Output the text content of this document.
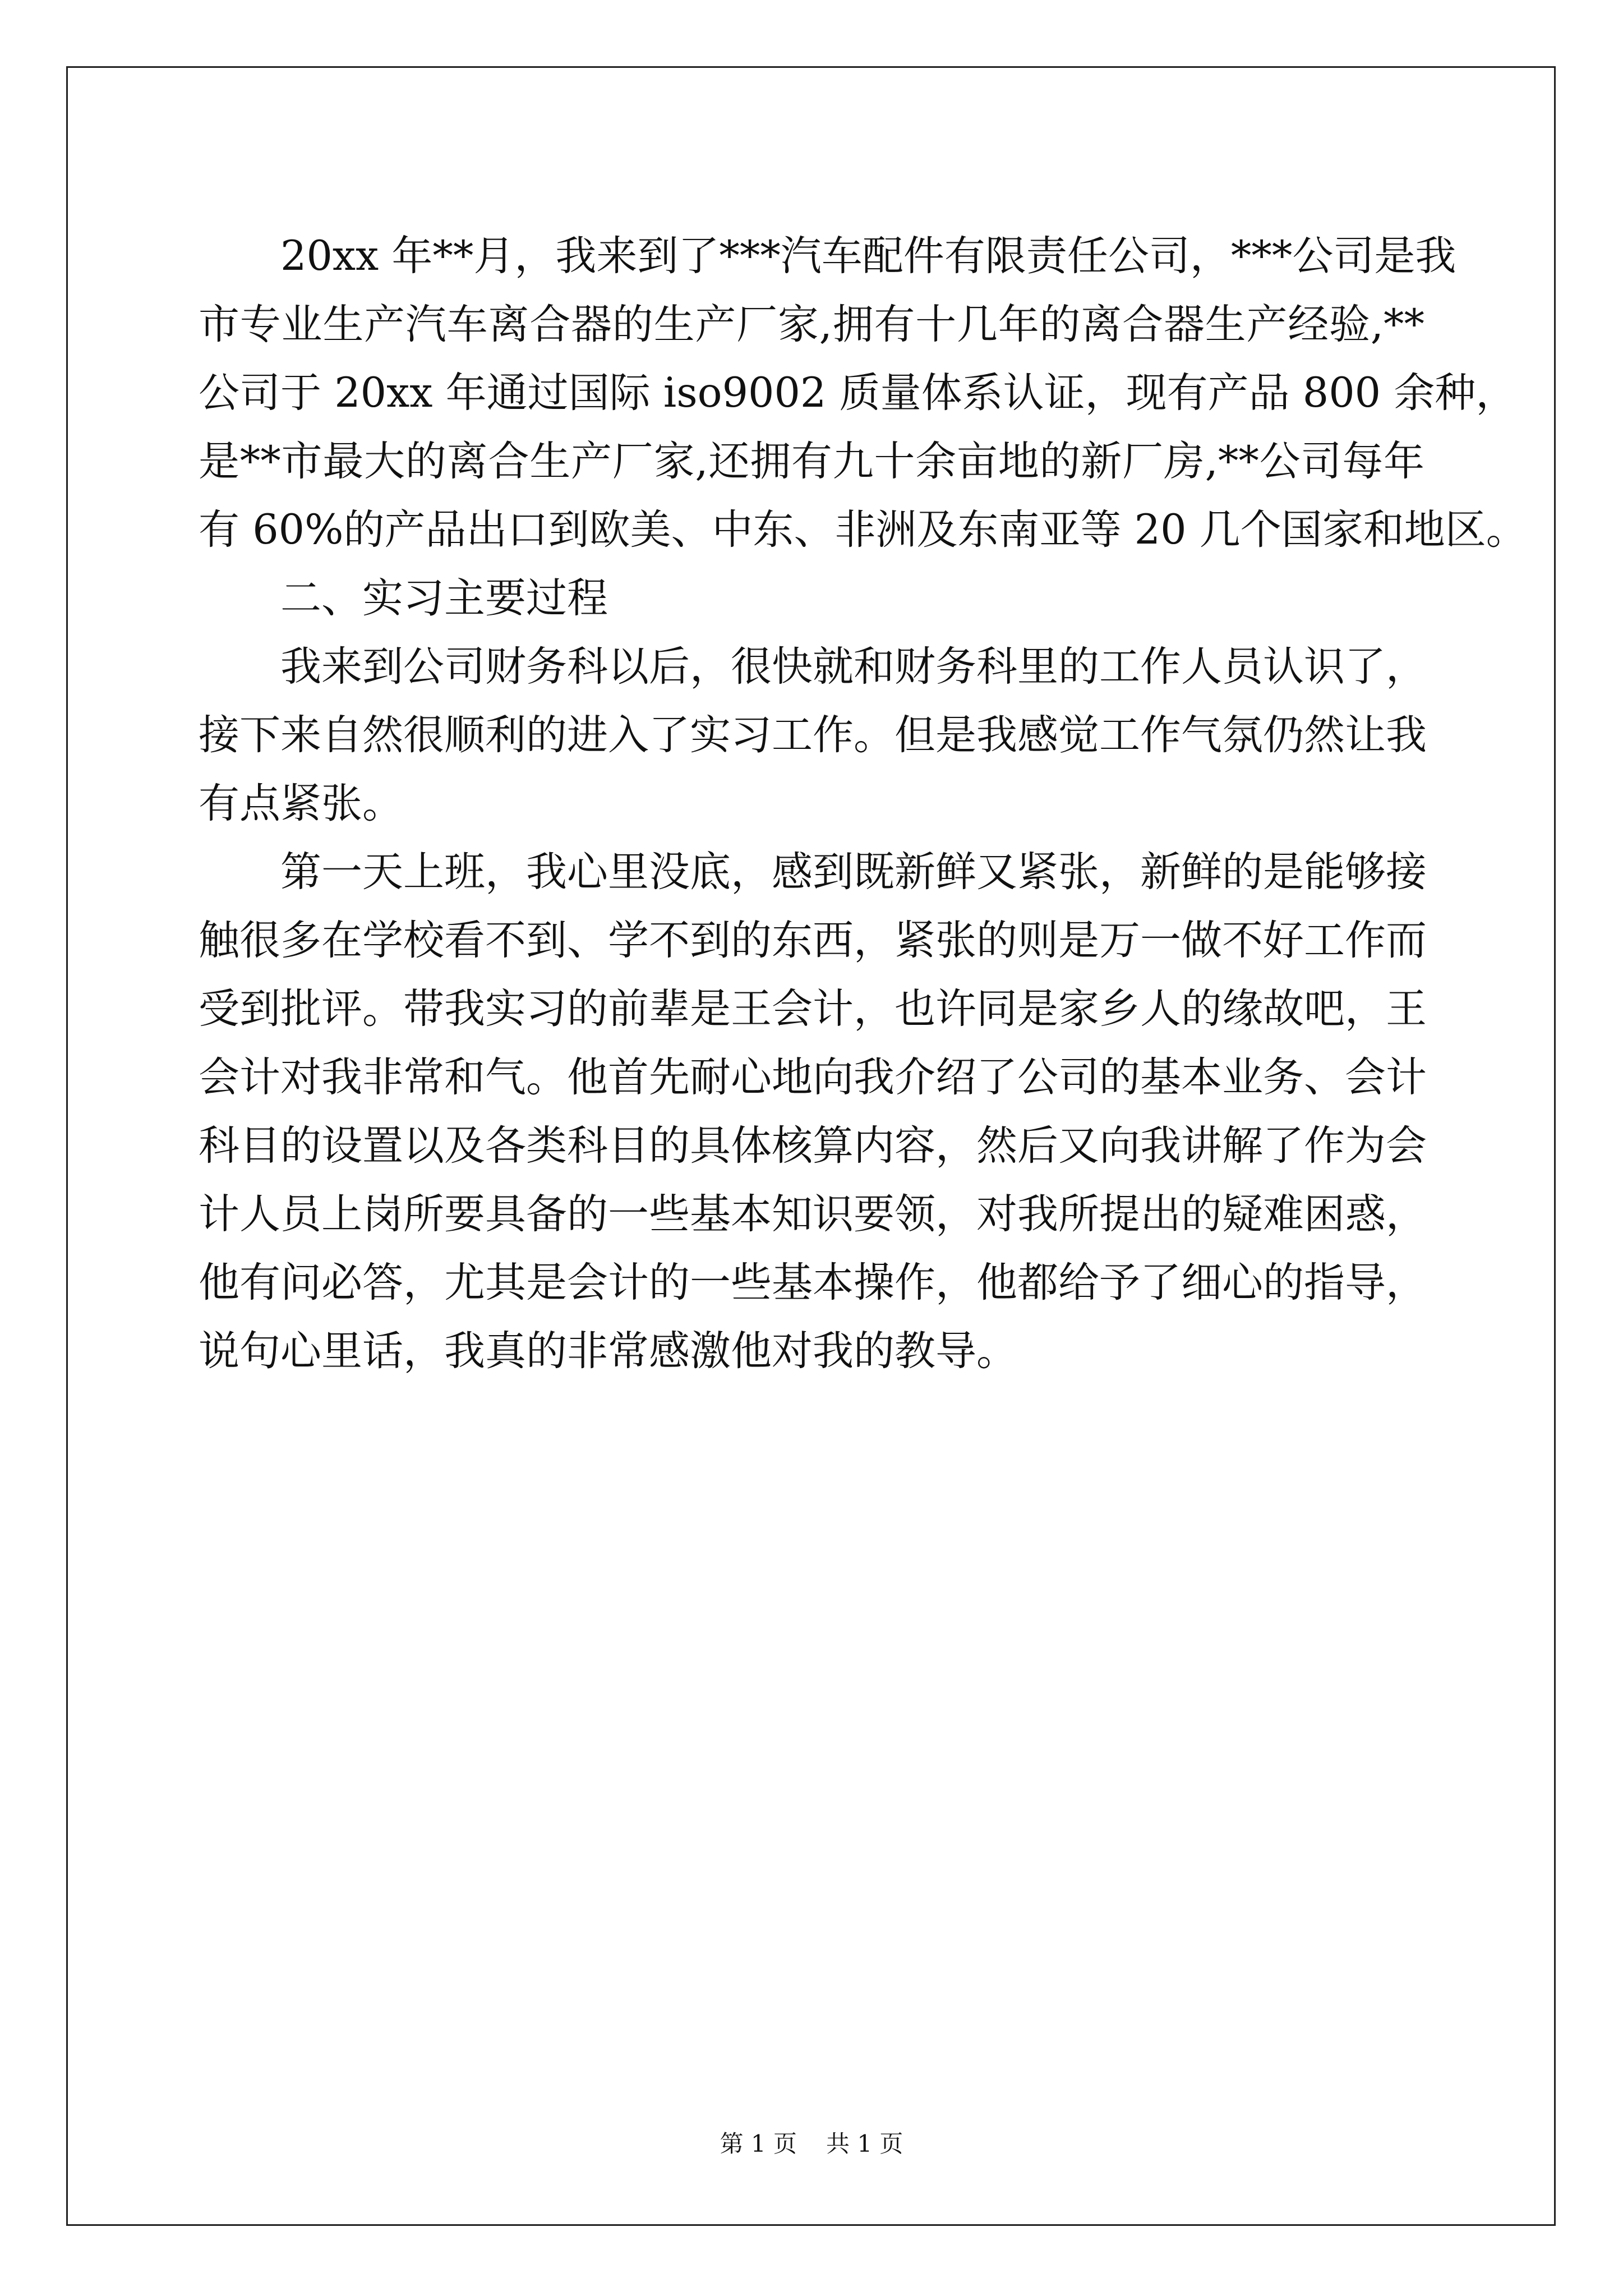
　　20xx 年**月，我来到了***汽车配件有限责任公司，***公司是我
市专业生产汽车离合器的生产厂家,拥有十几年的离合器生产经验,**
公司于 20xx 年通过国际 iso9002 质量体系认证，现有产品 800 余种，
是**市最大的离合生产厂家,还拥有九十余亩地的新厂房,**公司每年
有 60%的产品出口到欧美、中东、非洲及东南亚等 20 几个国家和地区。
　　二、实习主要过程
　　我来到公司财务科以后，很快就和财务科里的工作人员认识了，
接下来自然很顺利的进入了实习工作。但是我感觉工作气氛仍然让我
有点紧张。
　　第一天上班，我心里没底，感到既新鲜又紧张，新鲜的是能够接
触很多在学校看不到、学不到的东西，紧张的则是万一做不好工作而
受到批评。带我实习的前辈是王会计，也许同是家乡人的缘故吧，王
会计对我非常和气。他首先耐心地向我介绍了公司的基本业务、会计
科目的设置以及各类科目的具体核算内容，然后又向我讲解了作为会
计人员上岗所要具备的一些基本知识要领，对我所提出的疑难困惑，
他有问必答，尤其是会计的一些基本操作，他都给予了细心的指导，
说句心里话，我真的非常感激他对我的教导。
第 1 页 共 1 页
